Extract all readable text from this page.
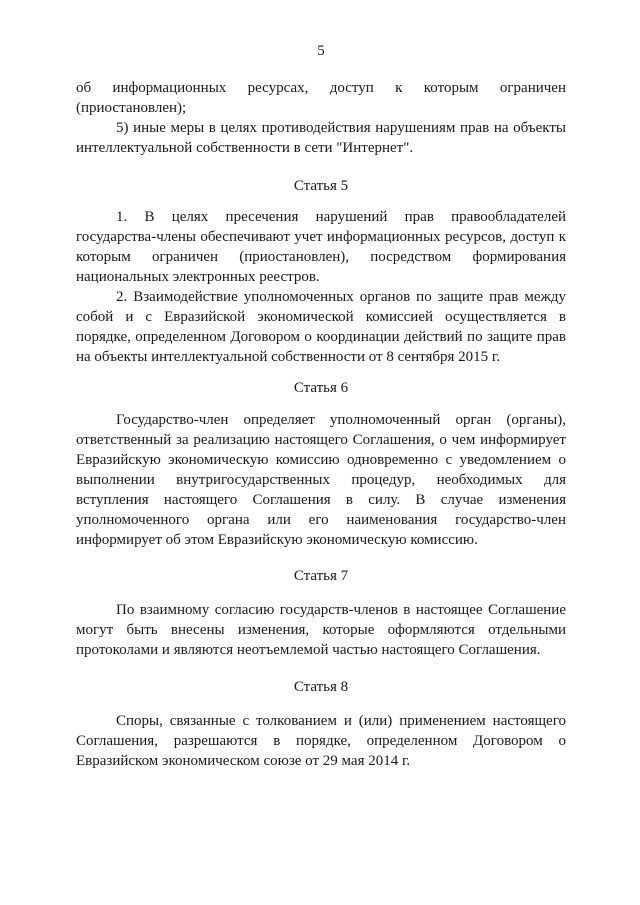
5

об информационных ресурсах, доступ к которым ограничен (приостановлен);

5) иные меры в целях противодействия нарушениям прав на объекты интеллектуальной собственности в сети "Интернет".

Статья 5

1. В целях пресечения нарушений прав правообладателей государства-члены обеспечивают учет информационных ресурсов, доступ к которым ограничен (приостановлен), посредством формирования национальных электронных реестров.

2. Взаимодействие уполномоченных органов по защите прав между собой и с Евразийской экономической комиссией осуществляется в порядке, определенном Договором о координации действий по защите прав на объекты интеллектуальной собственности от 8 сентября 2015 г.

Статья 6

Государство-член определяет уполномоченный орган (органы), ответственный за реализацию настоящего Соглашения, о чем информирует Евразийскую экономическую комиссию одновременно с уведомлением о выполнении внутригосударственных процедур, необходимых для вступления настоящего Соглашения в силу. В случае изменения уполномоченного органа или его наименования государство-член информирует об этом Евразийскую экономическую комиссию.

Статья 7

По взаимному согласию государств-членов в настоящее Соглашение могут быть внесены изменения, которые оформляются отдельными протоколами и являются неотъемлемой частью настоящего Соглашения.

Статья 8

Споры, связанные с толкованием и (или) применением настоящего Соглашения, разрешаются в порядке, определенном Договором о Евразийском экономическом союзе от 29 мая 2014 г.
